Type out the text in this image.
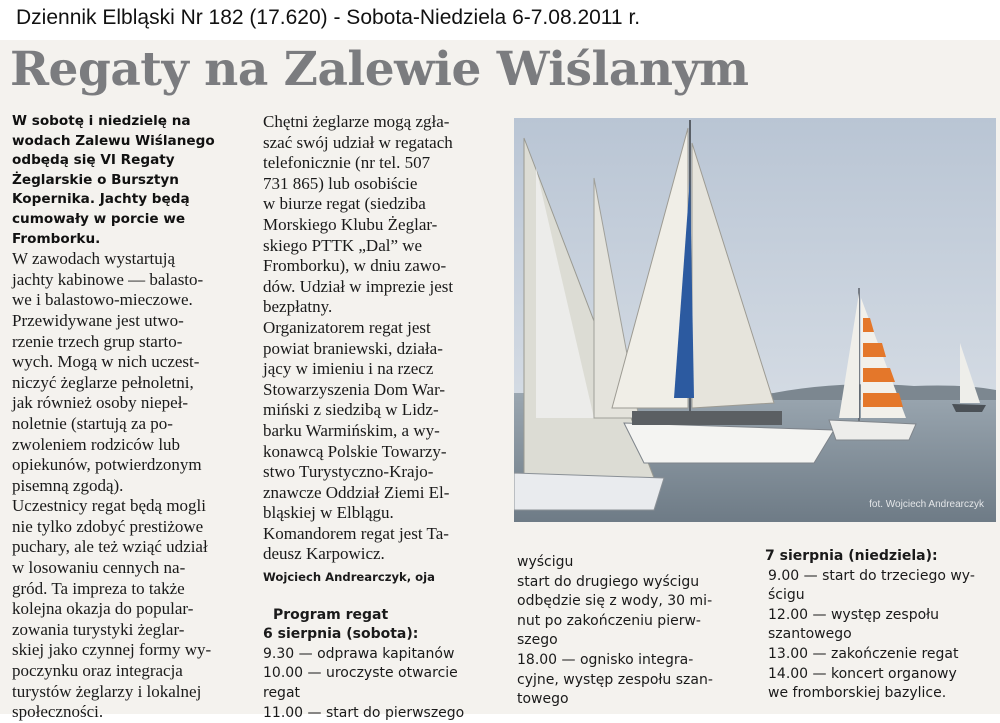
Dziennik Elbląski Nr 182 (17.620) - Sobota-Niedziela 6-7.08.2011 r.
Regaty na Zalewie Wiślanym
W sobotę i niedzielę na
wodach Zalewu Wiślanego
odbędą się VI Regaty
Żeglarskie o Bursztyn
Kopernika. Jachty będą
cumowały w porcie we
Fromborku.
W zawodach wystartują
jachty kabinowe — balasto-
we i balastowo-mieczowe.
Przewidywane jest utwo-
rzenie trzech grup starto-
wych. Mogą w nich uczest-
niczyć żeglarze pełnoletni,
jak również osoby niepeł-
noletnie (startują za po-
zwoleniem rodziców lub
opiekunów, potwierdzonym
pisemną zgodą).
Uczestnicy regat będą mogli
nie tylko zdobyć prestiżowe
puchary, ale też wziąć udział
w losowaniu cennych na-
gród. Ta impreza to także
kolejna okazja do popular-
zowania turystyki żeglar-
skiej jako czynnej formy wy-
poczynku oraz integracja
turystów żeglarzy i lokalnej
społeczności.
Chętni żeglarze mogą zgła-
szać swój udział w regatach
telefonicznie (nr tel. 507
731 865) lub osobiście
w biurze regat (siedziba
Morskiego Klubu Żeglar-
skiego PTTK „Dal” we
Fromborku), w dniu zawo-
dów. Udział w imprezie jest
bezpłatny.
Organizatorem regat jest
powiat braniewski, działa-
jący w imieniu i na rzecz
Stowarzyszenia Dom War-
miński z siedzibą w Lidz-
barku Warmińskim, a wy-
konawcą Polskie Towarzy-
stwo Turystyczno-Krajo-
znawcze Oddział Ziemi El-
bląskiej w Elblągu.
Komandorem regat jest Ta-
deusz Karpowicz.
Wojciech Andrearczyk, oja
Program regat
6 sierpnia (sobota):
9.30 — odprawa kapitanów
10.00 — uroczyste otwarcie
regat
11.00 — start do pierwszego
wyścigu
start do drugiego wyścigu
odbędzie się z wody, 30 mi-
nut po zakończeniu pierw-
szego
18.00 — ognisko integra-
cyjne, występ zespołu szan-
towego
7 sierpnia (niedziela):
9.00 — start do trzeciego wy-
ścigu
12.00 — występ zespołu
szantowego
13.00 — zakończenie regat
14.00 — koncert organowy
we fromborskiej bazylice.
fot. Wojciech Andrearczyk
